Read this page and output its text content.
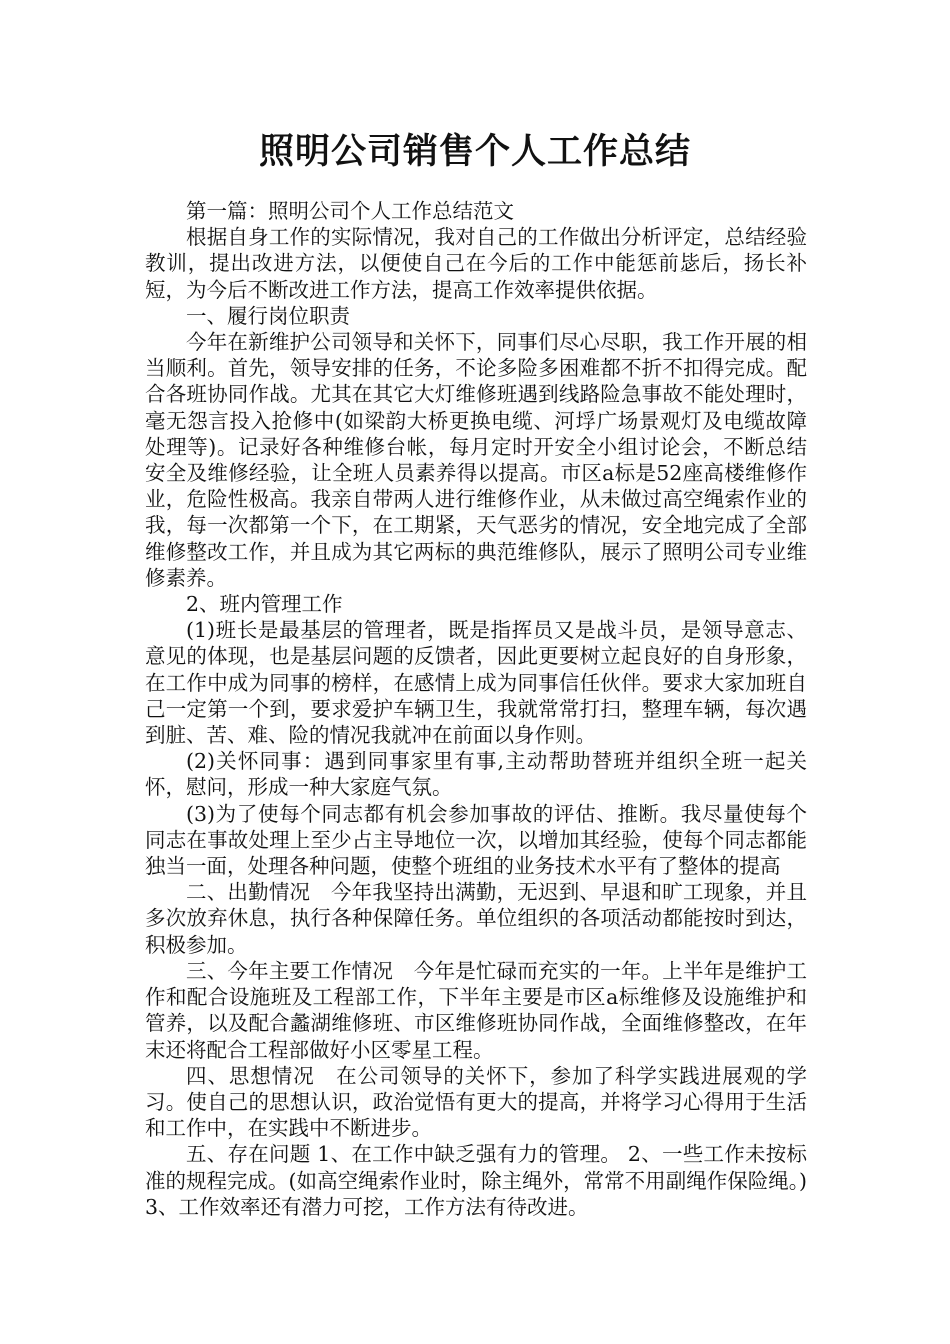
照明公司销售个人工作总结

第一篇：照明公司个人工作总结范文

根据自身工作的实际情况，我对自己的工作做出分析评定，总结经验教训，提出改进方法，以便使自己在今后的工作中能惩前毖后，扬长补短，为今后不断改进工作方法，提高工作效率提供依据。

一、履行岗位职责

今年在新维护公司领导和关怀下，同事们尽心尽职，我工作开展的相当顺利。首先，领导安排的任务，不论多险多困难都不折不扣得完成。配合各班协同作战。尤其在其它大灯维修班遇到线路险急事故不能处理时，毫无怨言投入抢修中(如梁韵大桥更换电缆、河垺广场景观灯及电缆故障处理等)。记录好各种维修台帐，每月定时开安全小组讨论会，不断总结安全及维修经验，让全班人员素养得以提高。市区a标是52座高楼维修作业，危险性极高。我亲自带两人进行维修作业，从未做过高空绳索作业的我，每一次都第一个下，在工期紧，天气恶劣的情况，安全地完成了全部维修整改工作，并且成为其它两标的典范维修队，展示了照明公司专业维修素养。

2、班内管理工作

(1)班长是最基层的管理者，既是指挥员又是战斗员，是领导意志、意见的体现，也是基层问题的反馈者，因此更要树立起良好的自身形象，在工作中成为同事的榜样，在感情上成为同事信任伙伴。要求大家加班自己一定第一个到，要求爱护车辆卫生，我就常常打扫，整理车辆，每次遇到脏、苦、难、险的情况我就冲在前面以身作则。

(2)关怀同事：遇到同事家里有事,主动帮助替班并组织全班一起关怀，慰问，形成一种大家庭气氛。

(3)为了使每个同志都有机会参加事故的评估、推断。我尽量使每个同志在事故处理上至少占主导地位一次，以增加其经验，使每个同志都能独当一面，处理各种问题，使整个班组的业务技术水平有了整体的提高

二、出勤情况　今年我坚持出满勤，无迟到、早退和旷工现象，并且多次放弃休息，执行各种保障任务。单位组织的各项活动都能按时到达，积极参加。

三、今年主要工作情况　今年是忙碌而充实的一年。上半年是维护工作和配合设施班及工程部工作，下半年主要是市区a标维修及设施维护和管养，以及配合蠡湖维修班、市区维修班协同作战，全面维修整改，在年末还将配合工程部做好小区零星工程。

四、思想情况　在公司领导的关怀下，参加了科学实践进展观的学习。使自己的思想认识，政治觉悟有更大的提高，并将学习心得用于生活和工作中，在实践中不断进步。

五、存在问题 1、在工作中缺乏强有力的管理。 2、一些工作未按标准的规程完成。(如高空绳索作业时，除主绳外，常常不用副绳作保险绳。) 3、工作效率还有潜力可挖，工作方法有待改进。
